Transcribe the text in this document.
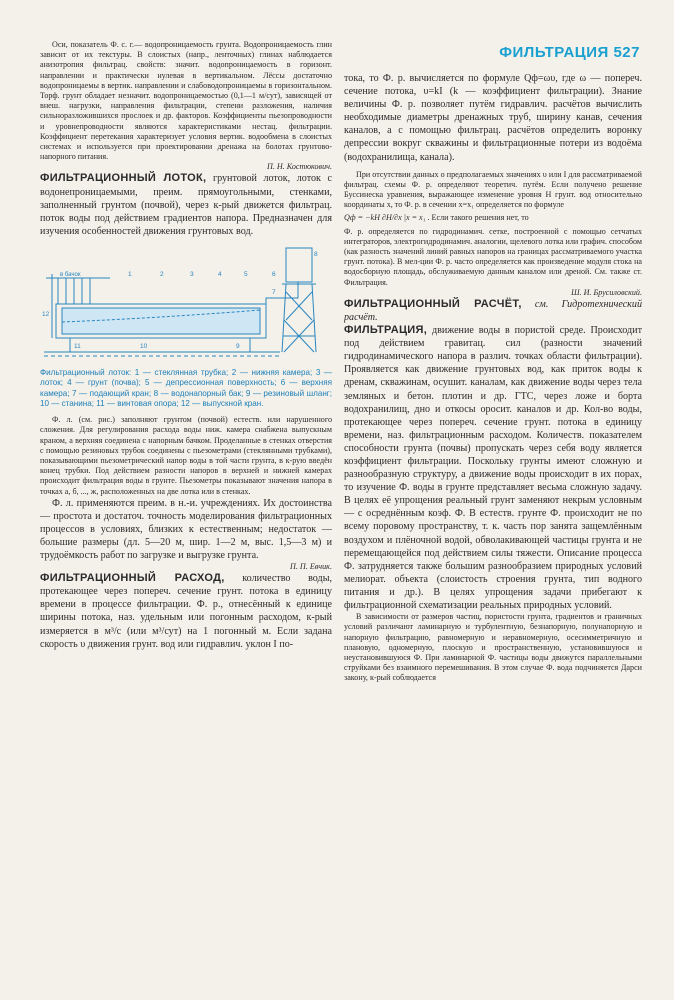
ФИЛЬТРАЦИЯ 527

Оси, показатель Ф. с. г.— водопроницаемость грунта. Водопроницаемость глин зависит от их текстуры. В слоистых (напр., ленточных) глинах наблюдается анизотропия фильтрац. свойств: значит. водопроницаемость в горизонт. направлении и практически нулевая в вертикальном. Лёссы достаточно водопроницаемы в вертик. направлении и слабоводопроницаемы в горизонтальном. Торф. грунт обладает незначит. водопроницаемостью (0,1—1 м/сут), зависящей от внеш. нагрузки, направления фильтрации, степени разложения, наличия сильноразложившихся прослоек и др. факторов. Коэффициенты пьезопроводности и уровнепроводности являются характеристиками нестац. фильтрации. Коэффициент перетекания характеризует условия вертик. водообмена в слоистых системах и используется при проектировании дренажа на болотах грунтово-напорного питания.

П. Н. Костюкович.

ФИЛЬТРАЦИОННЫЙ ЛОТОК, грунтовой лоток, лоток с водонепроницаемыми, преим. прямоугольными, стенками, заполненный грунтом (почвой), через к-рый движется фильтрац. поток воды под действием градиентов напора. Предназначен для изучения особенностей движения грунтовых вод.

в бачок	1	2	3	4	5	6
7
8
9
10
11
12

Фильтрационный лоток: 1 — стеклянная трубка; 2 — нижняя камера; 3 — лоток; 4 — грунт (почва); 5 — депрессионная поверхность; 6 — верхняя камера; 7 — подающий кран; 8 — водонапорный бак; 9 — резиновый шланг; 10 — станина; 11 — винтовая опора; 12 — выпускной кран.

Ф. л. (см. рис.) заполняют грунтом (почвой) естеств. или нарушенного сложения. Для регулирования расхода воды ниж. камера снабжена выпускным краном, а верхняя соединена с напорным бачком. Проделанные в стенках отверстия с помощью резиновых трубок соединены с пьезометрами (стеклянными трубками), показывающими пьезометрический напор воды в той части грунта, в к-рую введён конец трубки. Под действием разности напоров в верхней и нижней камерах происходит фильтрация воды в грунте. Пьезометры показывают значения напора в точках a, б, ..., ж, расположенных на две лотка или в стенках.

Ф. л. применяются преим. в н.-и. учреждениях. Их достоинства — простота и достаточ. точность моделирования фильтрационных процессов в условиях, близких к естественным; недостаток — большие размеры (дл. 5—20 м, шир. 1—2 м, выс. 1,5—3 м) и трудоёмкость работ по загрузке и выгрузке грунта.

П. П. Евчик.

ФИЛЬТРАЦИОННЫЙ РАСХОД, количество воды, протекающее через попереч. сечение грунт. потока в единицу времени в процессе фильтрации. Ф. р., отнесённый к единице ширины потока, наз. удельным или погонным расходом, к-рый измеряется в м³/с (или м³/сут) на 1 погонный м. Если задана скорость υ движения грунт. вод или гидравлич. уклон I по-

тока, то Ф. р. вычисляется по формуле Qф=ωυ, где ω — попереч. сечение потока, υ=kI (k — коэффициент фильтрации). Знание величины Ф. р. позволяет путём гидравлич. расчётов вычислить необходимые диаметры дренажных труб, ширину канав, сечения каналов, а с помощью фильтрац. расчётов определить воронку депрессии вокруг скважины и фильтрационные потери из водоёма (водохранилища, канала).

При отсутствии данных о предполагаемых значениях υ или I для рассматриваемой фильтрац. схемы Ф. р. определяют теоретич. путём. Если получено решение Буссинеска уравнения, выражающее изменение уровня H грунт. вод относительно координаты x, то Ф. р. в сечении x=x₁ определяется по формуле

Qф = −kH ∂H/∂x |x = x₁ . Если такого решения нет, то

Ф. р. определяется по гидродинамич. сетке, построенной с помощью сетчатых интеграторов, электрогидродинамич. аналогии, щелевого лотка или графич. способом (как разность значений линий равных напоров на границах рассматриваемого участка грунт. потока). В мел-ции Ф. р. часто определяется как произведение модуля стока на водосборную площадь, обслуживаемую данным каналом или дреной. См. также ст. Фильтрация.

Ш. И. Брусиловский.

ФИЛЬТРАЦИОННЫЙ РАСЧЁТ, см. Гидротехнический расчёт.

ФИЛЬТРАЦИЯ, движение воды в пористой среде. Происходит под действием гравитац. сил (разности значений гидродинамического напора в различ. точках области фильтрации). Проявляется как движение грунтовых вод, как приток воды к дренам, скважинам, осушит. каналам, как движение воды через тела земляных и бетон. плотин и др. ГТС, через ложе и борта водохранилищ, дно и откосы оросит. каналов и др. Кол-во воды, протекающее через попереч. сечение грунт. потока в единицу времени, наз. фильтрационным расходом. Количеств. показателем способности грунта (почвы) пропускать через себя воду является коэффициент фильтрации. Поскольку грунты имеют сложную и разнообразную структуру, а движение воды происходит в их порах, то изучение Ф. воды в грунте представляет весьма сложную задачу. В целях её упрощения реальный грунт заменяют некрым условным — с осреднённым коэф. Ф. В естеств. грунте Ф. происходит не по всему поровому пространству, т. к. часть пор занята защемлённым воздухом и плёночной водой, обволакивающей частицы грунта и не перемещающейся под действием силы тяжести. Описание процесса Ф. затрудняется также большим разнообразием природных условий мелиорат. объекта (слоистость строения грунта, тип водного питания и др.). В целях упрощения задачи прибегают к фильтрационной схематизации реальных природных условий.

В зависимости от размеров частиц, пористости грунта, градиентов и граничных условий различают ламинарную и турбулентную, безнапорную, полунапорную и напорную фильтрацию, равномерную и неравномерную, осесимметричную и плановую, одномерную, плоскую и пространственную, установившуюся и неустановившуюся Ф. При ламинарной Ф. частицы воды движутся параллельными струйками без взаимного перемешивания. В этом случае Ф. вода подчиняется Дарси закону, к-рый соблюдается
